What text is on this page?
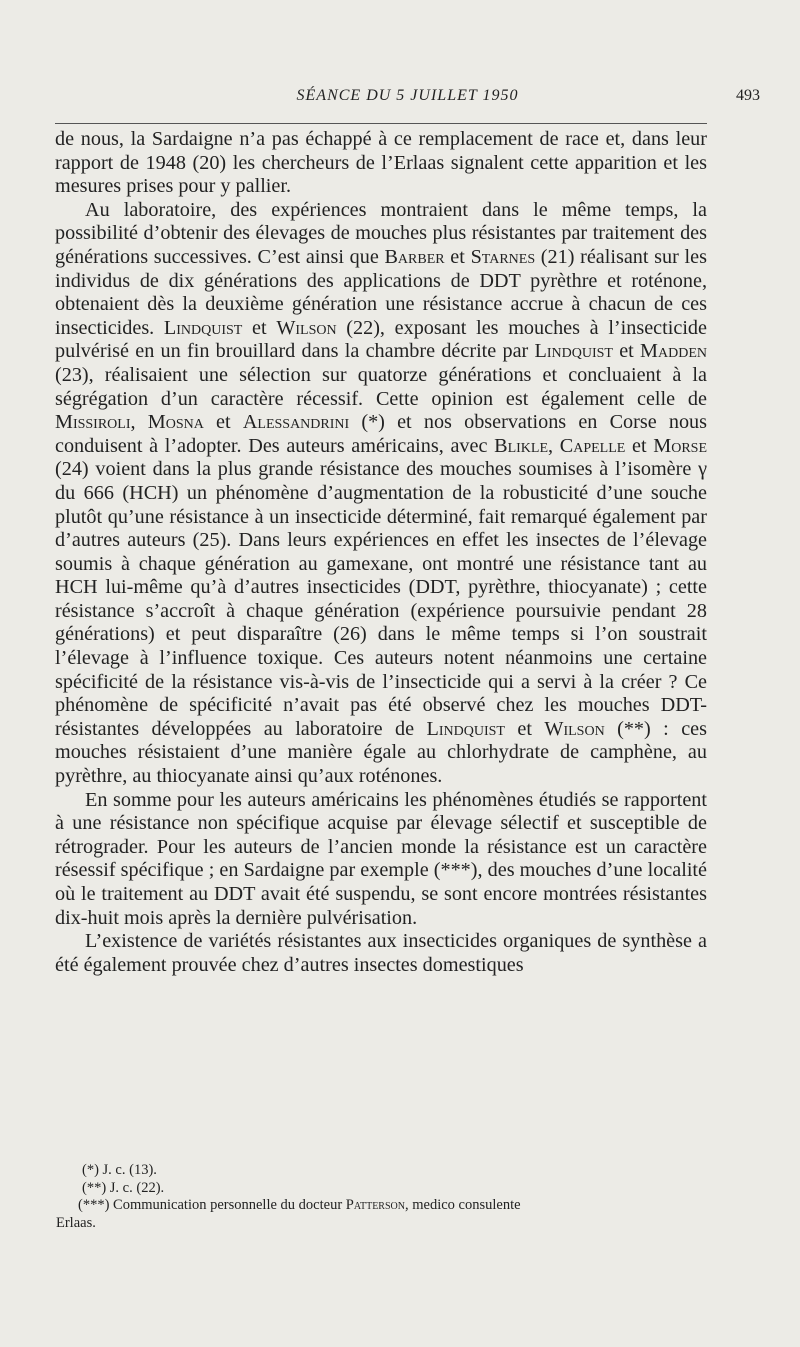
SÉANCE DU 5 JUILLET 1950	493

de nous, la Sardaigne n’a pas échappé à ce remplacement de race et, dans leur rapport de 1948 (20) les chercheurs de l’Erlaas signalent cette apparition et les mesures prises pour y pallier.

Au laboratoire, des expériences montraient dans le même temps, la possibilité d’obtenir des élevages de mouches plus résistantes par traitement des générations successives. C’est ainsi que Barber et Starnes (21) réalisant sur les individus de dix générations des applications de DDT pyrèthre et roténone, obtenaient dès la deuxième génération une résistance accrue à chacun de ces insecticides. Lindquist et Wilson (22), exposant les mouches à l’insecticide pulvérisé en un fin brouillard dans la chambre décrite par Lindquist et Madden (23), réalisaient une sélection sur quatorze générations et concluaient à la ségrégation d’un caractère récessif. Cette opinion est également celle de Missiroli, Mosna et Alessandrini (*) et nos observations en Corse nous conduisent à l’adopter. Des auteurs américains, avec Blikle, Capelle et Morse (24) voient dans la plus grande résistance des mouches soumises à l’isomère γ du 666 (HCH) un phénomène d’augmentation de la robusticité d’une souche plutôt qu’une résistance à un insecticide déterminé, fait remarqué également par d’autres auteurs (25). Dans leurs expériences en effet les insectes de l’élevage soumis à chaque génération au gamexane, ont montré une résistance tant au HCH lui-même qu’à d’autres insecticides (DDT, pyrèthre, thiocyanate) ; cette résistance s’accroît à chaque génération (expérience poursuivie pendant 28 générations) et peut disparaître (26) dans le même temps si l’on soustrait l’élevage à l’influence toxique. Ces auteurs notent néanmoins une certaine spécificité de la résistance vis-à-vis de l’insecticide qui a servi à la créer ? Ce phénomène de spécificité n’avait pas été observé chez les mouches DDT-résistantes développées au laboratoire de Lindquist et Wilson (**) : ces mouches résistaient d’une manière égale au chlorhydrate de camphène, au pyrèthre, au thiocyanate ainsi qu’aux roténones.

En somme pour les auteurs américains les phénomènes étudiés se rapportent à une résistance non spécifique acquise par élevage sélectif et susceptible de rétrograder. Pour les auteurs de l’ancien monde la résistance est un caractère résessif spécifique ; en Sardaigne par exemple (***), des mouches d’une localité où le traitement au DDT avait été suspendu, se sont encore montrées résistantes dix-huit mois après la dernière pulvérisation.

L’existence de variétés résistantes aux insecticides organiques de synthèse a été également prouvée chez d’autres insectes domestiques

(*) J. c. (13).
(**) J. c. (22).
(***) Communication personnelle du docteur Patterson, medico consulente
Erlaas.
